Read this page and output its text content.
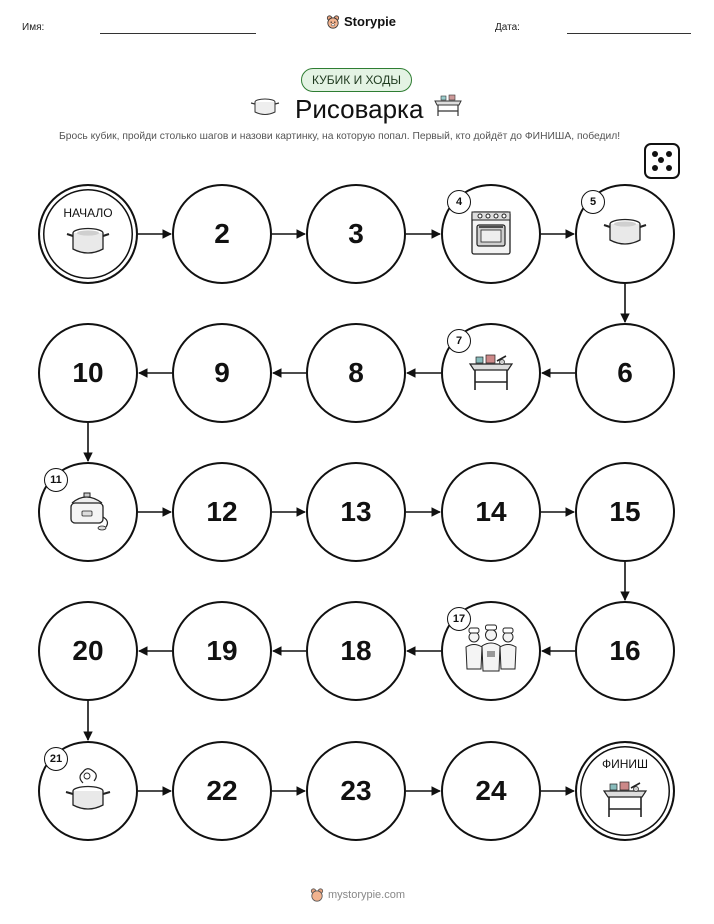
Имя:	Storypie	Дата:
КУБИК И ХОДЫ
Рисоварка
Брось кубик, пройди столько шагов и назови картинку, на которую попал. Первый, кто дойдёт до ФИНИША, победил!
НАЧАЛО
2	3
4	5
6
7
8
9
10
11
12	13	14	15
16
17
18
19
20
21
22	23	24
ФИНИШ
mystorypie.com
